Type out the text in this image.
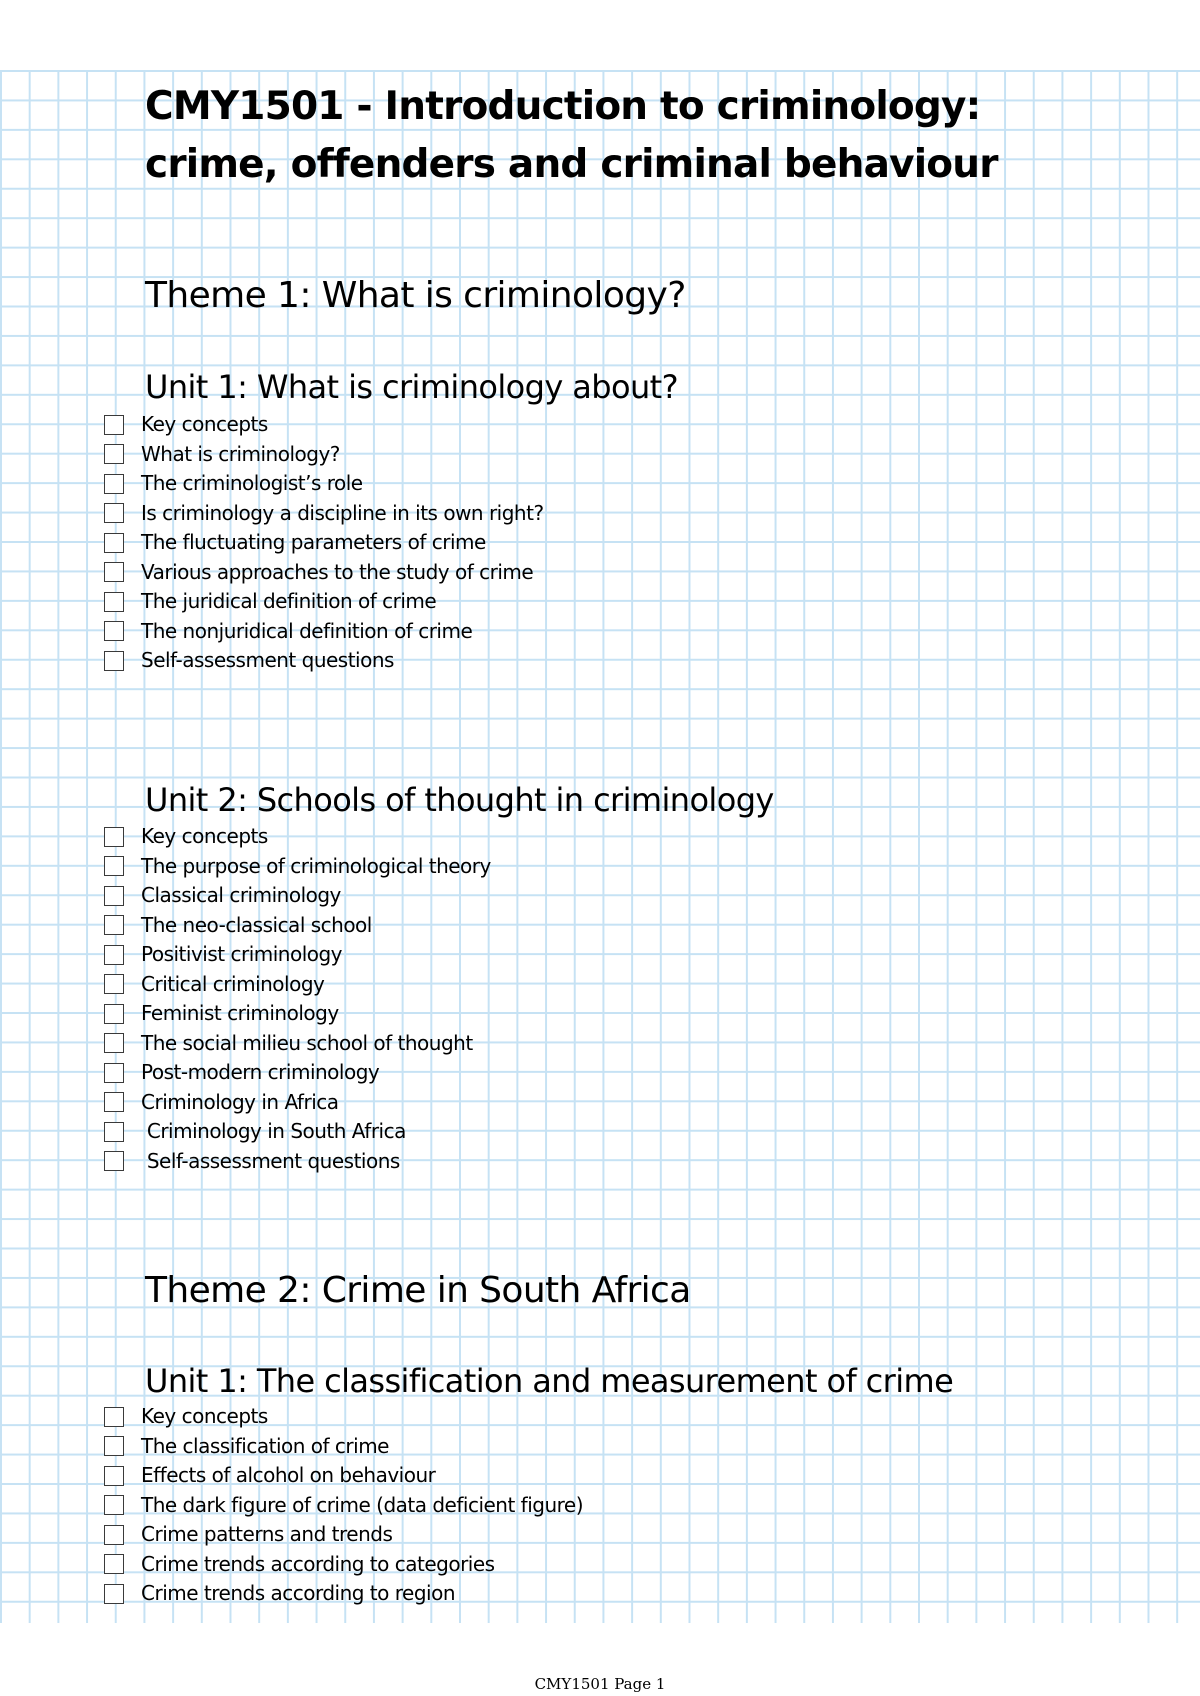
CMY1501 - Introduction to criminology:
crime, offenders and criminal behaviour
Theme 1: What is criminology?
Unit 1: What is criminology about?
Key concepts
What is criminology?
The criminologist’s role
Is criminology a discipline in its own right?
The fluctuating parameters of crime
Various approaches to the study of crime
The juridical definition of crime
The nonjuridical definition of crime
Self-assessment questions
Unit 2: Schools of thought in criminology
Key concepts
The purpose of criminological theory
Classical criminology
The neo-classical school
Positivist criminology
Critical criminology
Feminist criminology
The social milieu school of thought
Post-modern criminology
Criminology in Africa
Criminology in South Africa
Self-assessment questions
Theme 2: Crime in South Africa
Unit 1: The classification and measurement of crime
Key concepts
The classification of crime
Effects of alcohol on behaviour
The dark figure of crime (data deficient figure)
Crime patterns and trends
Crime trends according to categories
Crime trends according to region
CMY1501 Page 1
